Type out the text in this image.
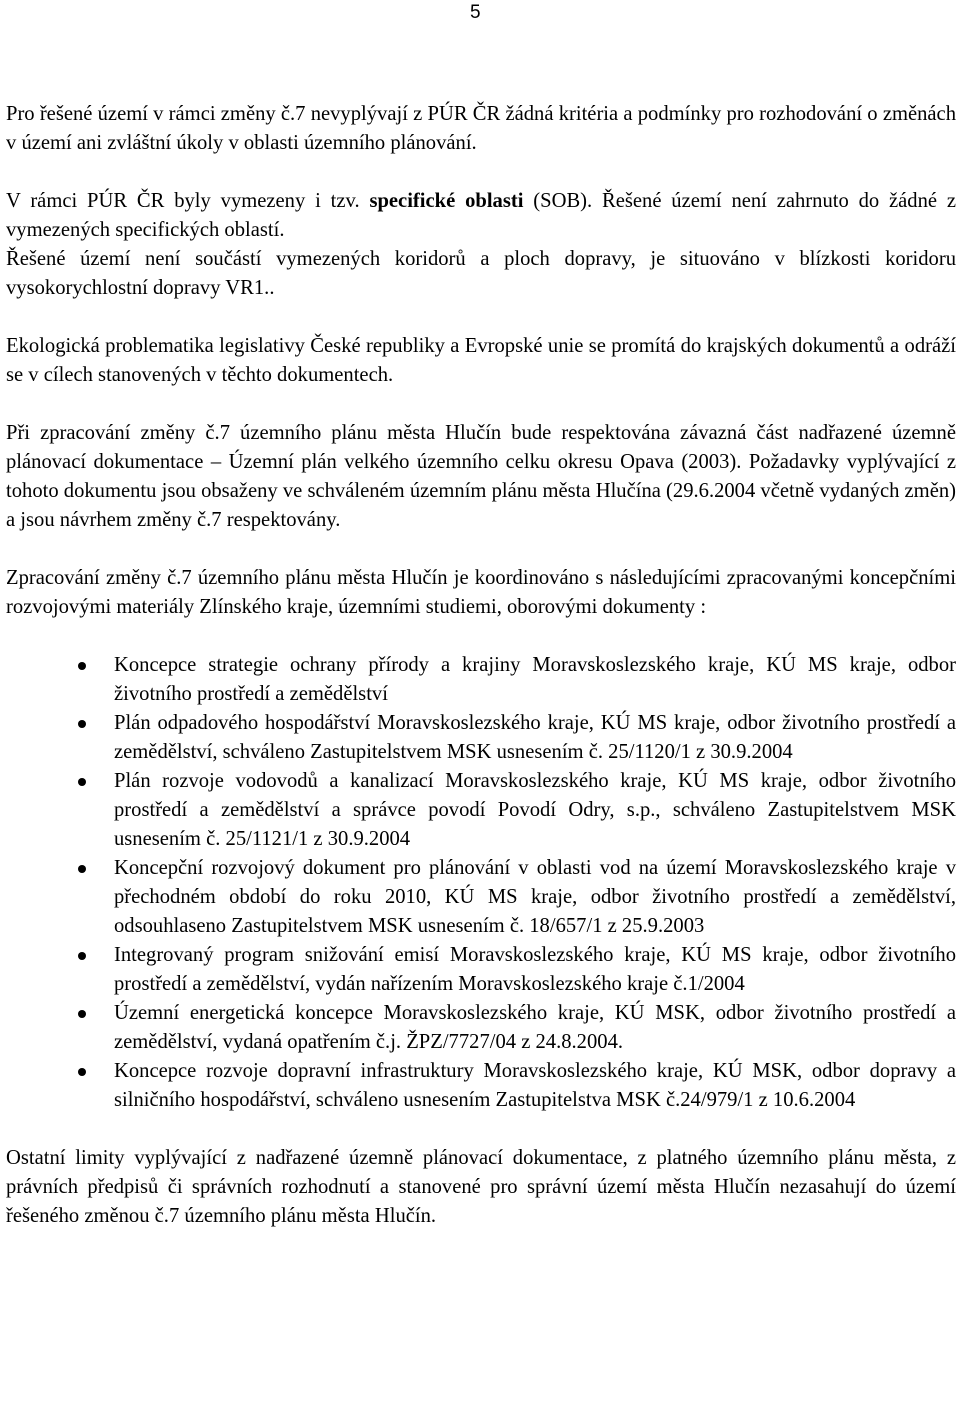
5

Pro řešené území v rámci změny č.7 nevyplývají z PÚR ČR žádná kritéria a podmínky pro rozhodování o změnách v území ani zvláštní úkoly v oblasti územního plánování.

V rámci PÚR ČR byly vymezeny i tzv. specifické oblasti (SOB). Řešené území není zahrnuto do žádné z vymezených specifických oblastí.

Řešené území není součástí vymezených koridorů a ploch dopravy, je situováno v blízkosti koridoru vysokorychlostní dopravy VR1..

Ekologická problematika legislativy České republiky a Evropské unie se promítá do krajských dokumentů a odráží se v cílech stanovených v těchto dokumentech.

Při zpracování změny č.7 územního plánu města Hlučín bude respektována závazná část nadřazené územně plánovací dokumentace – Územní plán velkého územního celku okresu Opava (2003). Požadavky vyplývající z tohoto dokumentu jsou obsaženy ve schváleném územním plánu města Hlučína (29.6.2004 včetně vydaných změn) a jsou návrhem změny č.7 respektovány.

Zpracování změny č.7 územního plánu města Hlučín je koordinováno s následujícími zpracovanými koncepčními rozvojovými materiály Zlínského kraje, územními studiemi, oborovými dokumenty :

Koncepce strategie ochrany přírody a krajiny Moravskoslezského kraje, KÚ MS kraje, odbor životního prostředí a zemědělství
Plán odpadového hospodářství Moravskoslezského kraje, KÚ MS kraje, odbor životního prostředí a zemědělství, schváleno Zastupitelstvem MSK usnesením č. 25/1120/1 z 30.9.2004
Plán rozvoje vodovodů a kanalizací Moravskoslezského kraje, KÚ MS kraje, odbor životního prostředí a zemědělství a správce povodí Povodí Odry, s.p., schváleno Zastupitelstvem MSK usnesením č. 25/1121/1 z 30.9.2004
Koncepční rozvojový dokument pro plánování v oblasti vod na území Moravskoslezského kraje v přechodném období do roku 2010, KÚ MS kraje, odbor životního prostředí a zemědělství, odsouhlaseno Zastupitelstvem MSK usnesením č. 18/657/1 z 25.9.2003
Integrovaný program snižování emisí Moravskoslezského kraje, KÚ MS kraje, odbor životního prostředí a zemědělství, vydán nařízením Moravskoslezského kraje č.1/2004
Územní energetická koncepce Moravskoslezského kraje, KÚ MSK, odbor životního prostředí a zemědělství, vydaná opatřením č.j. ŽPZ/7727/04 z 24.8.2004.
Koncepce rozvoje dopravní infrastruktury Moravskoslezského kraje, KÚ MSK, odbor dopravy a silničního hospodářství, schváleno usnesením Zastupitelstva MSK č.24/979/1 z 10.6.2004

Ostatní limity vyplývající z nadřazené územně plánovací dokumentace, z platného územního plánu města, z právních předpisů či správních rozhodnutí a stanovené pro správní území města Hlučín nezasahují do území řešeného změnou č.7 územního plánu města Hlučín.
